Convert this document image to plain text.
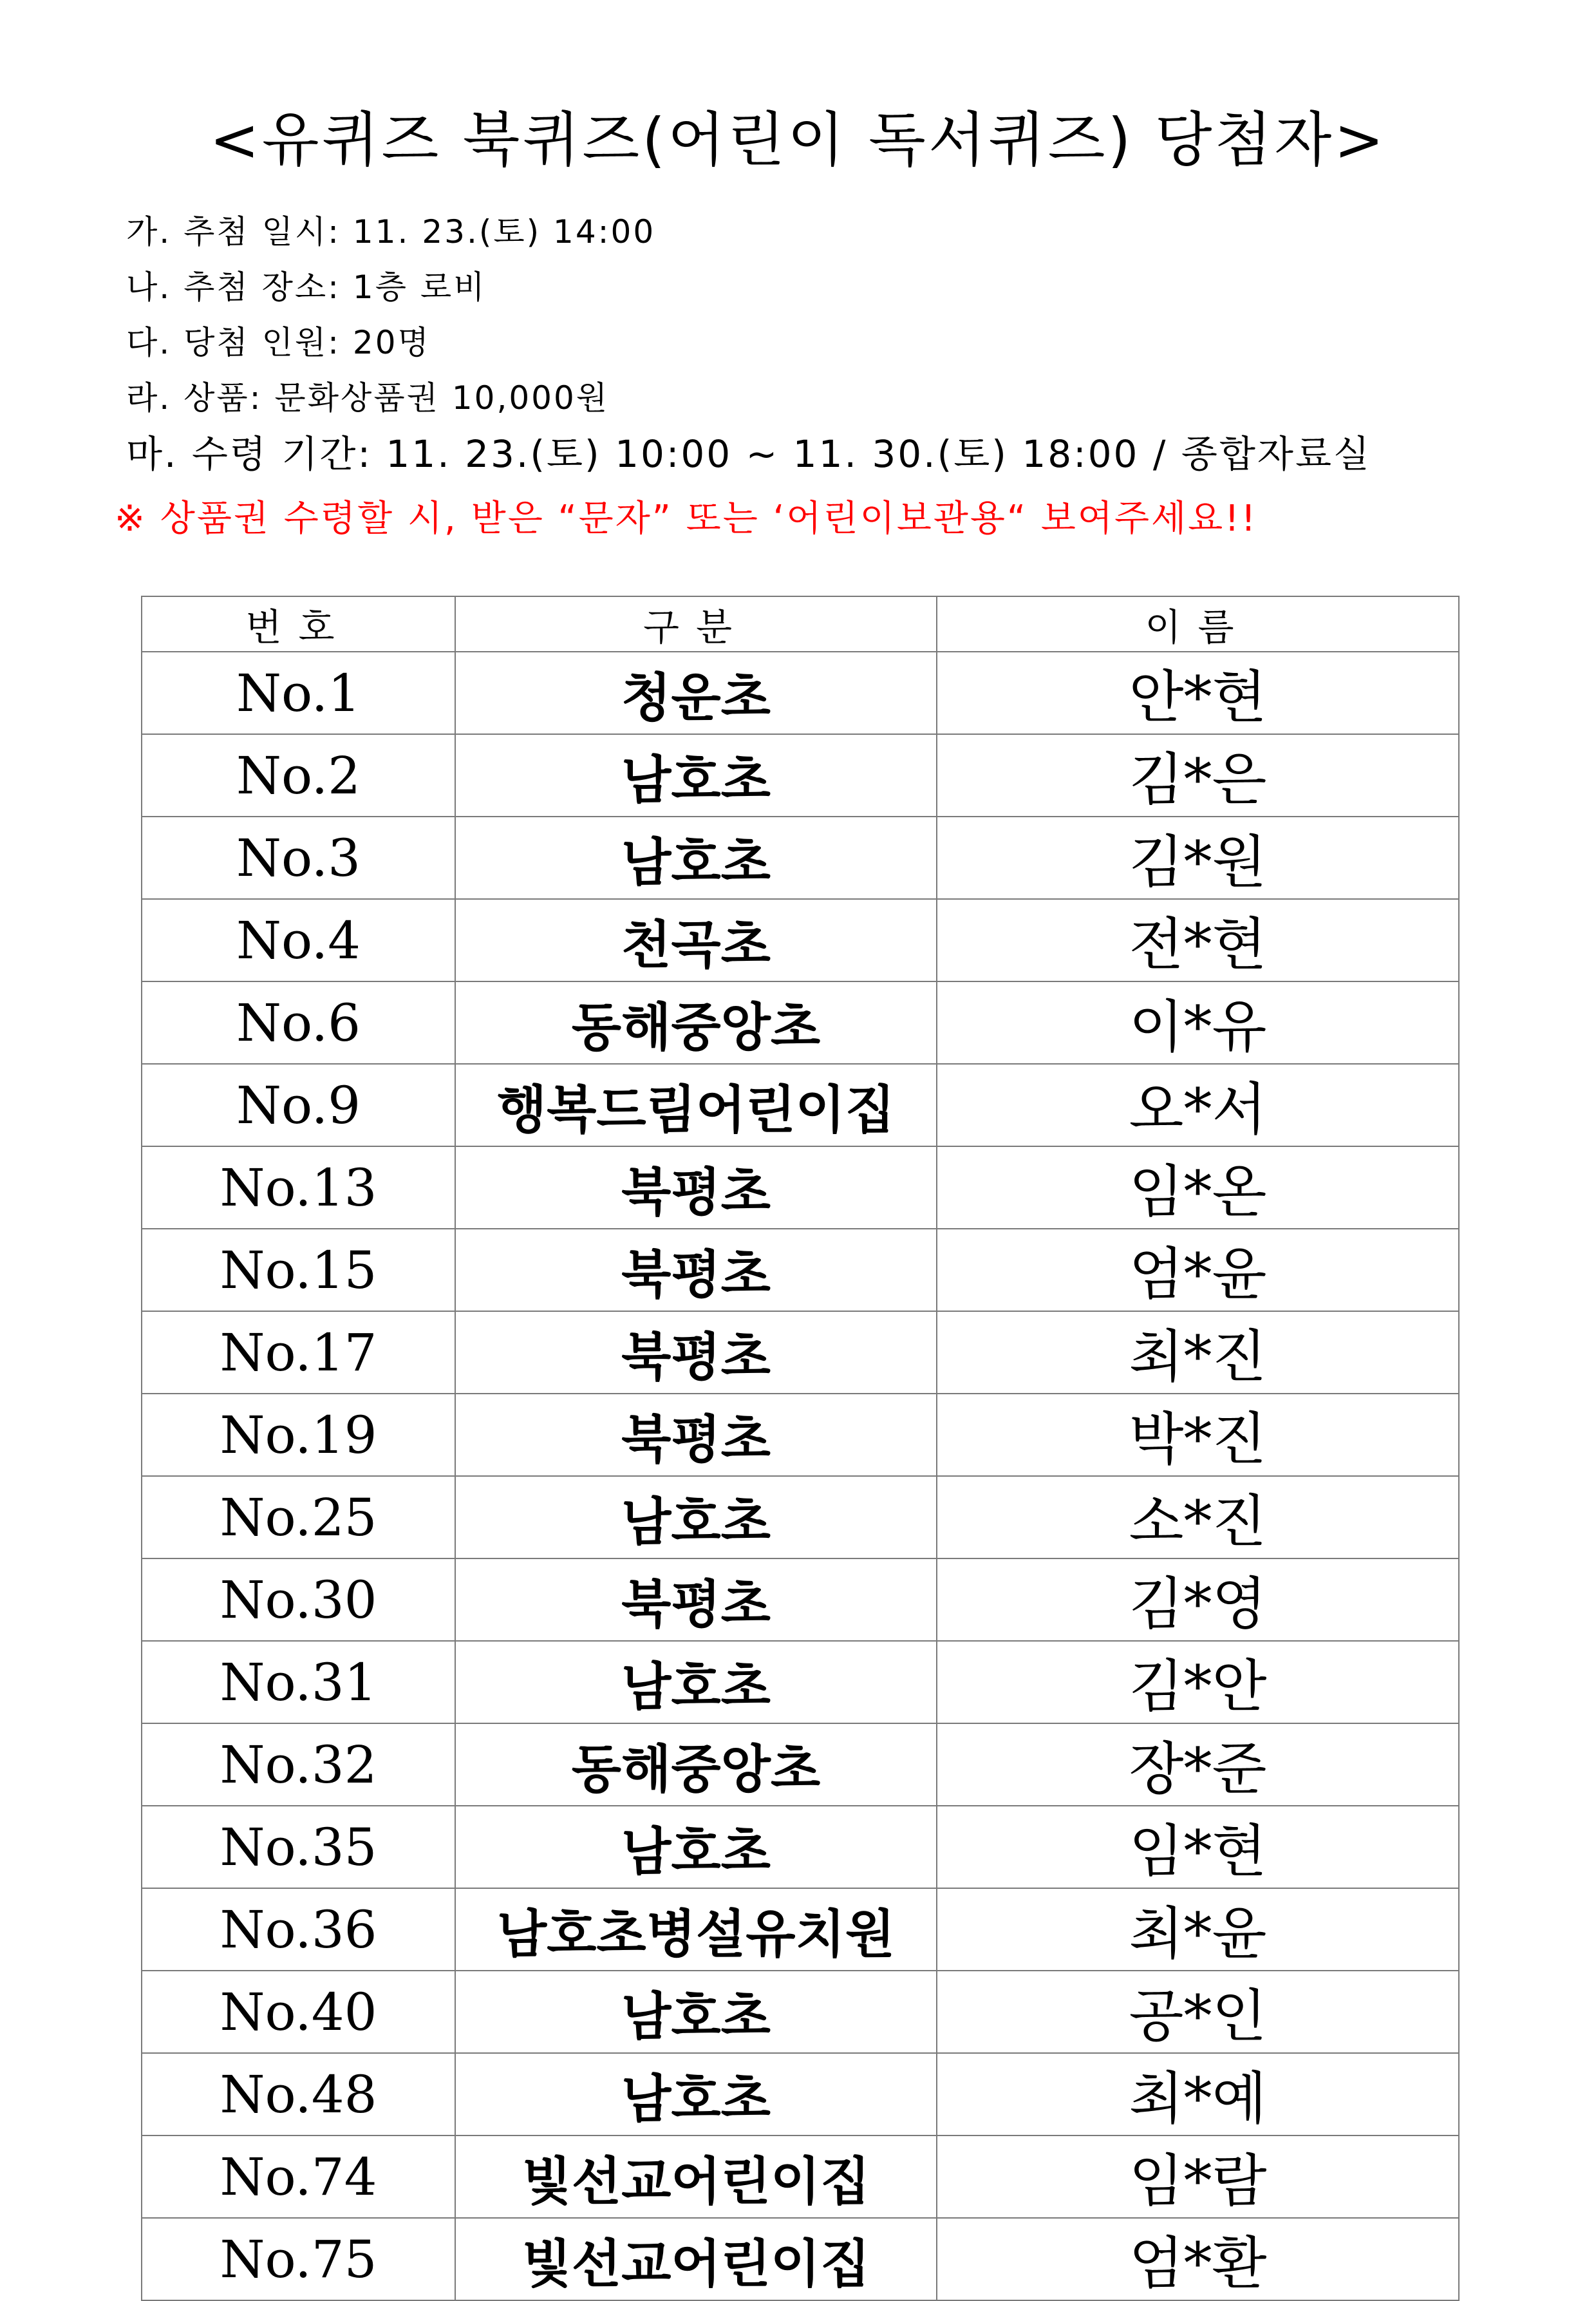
<유퀴즈 북퀴즈(어린이 독서퀴즈) 당첨자>
가. 추첨 일시: 11. 23.(토) 14:00
나. 추첨 장소: 1층 로비
다. 당첨 인원: 20명
라. 상품: 문화상품권 10,000원
마. 수령 기간: 11. 23.(토) 10:00 ~ 11. 30.(토) 18:00 / 종합자료실
※ 상품권 수령할 시, 받은 “문자” 또는 ‘어린이보관용“ 보여주세요!!
번호	구분	이름
No.1	청운초	안*현
No.2	남호초	김*은
No.3	남호초	김*원
No.4	천곡초	전*현
No.6	동해중앙초	이*유
No.9	행복드림어린이집	오*서
No.13	북평초	임*온
No.15	북평초	엄*윤
No.17	북평초	최*진
No.19	북평초	박*진
No.25	남호초	소*진
No.30	북평초	김*영
No.31	남호초	김*안
No.32	동해중앙초	장*준
No.35	남호초	임*현
No.36	남호초병설유치원	최*윤
No.40	남호초	공*인
No.48	남호초	최*예
No.74	빛선교어린이집	임*람
No.75	빛선교어린이집	엄*환
